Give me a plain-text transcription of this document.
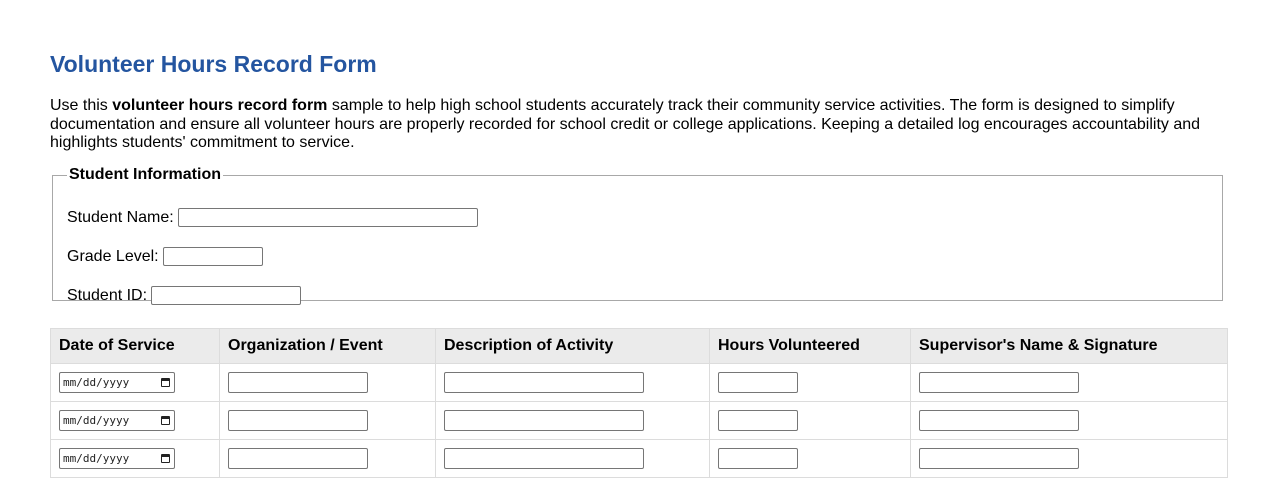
Volunteer Hours Record Form

Use this volunteer hours record form sample to help high school students accurately track their community service activities. The form is designed to simplify documentation and ensure all volunteer hours are properly recorded for school credit or college applications. Keeping a detailed log encourages accountability and highlights students' commitment to service.

Student Information
Student Name:
Grade Level:
Student ID:
Date of Service	Organization / Event	Description of Activity	Hours Volunteered	Supervisor's Name & Signature

mm/dd/yyyy				

mm/dd/yyyy				

mm/dd/yyyy				
